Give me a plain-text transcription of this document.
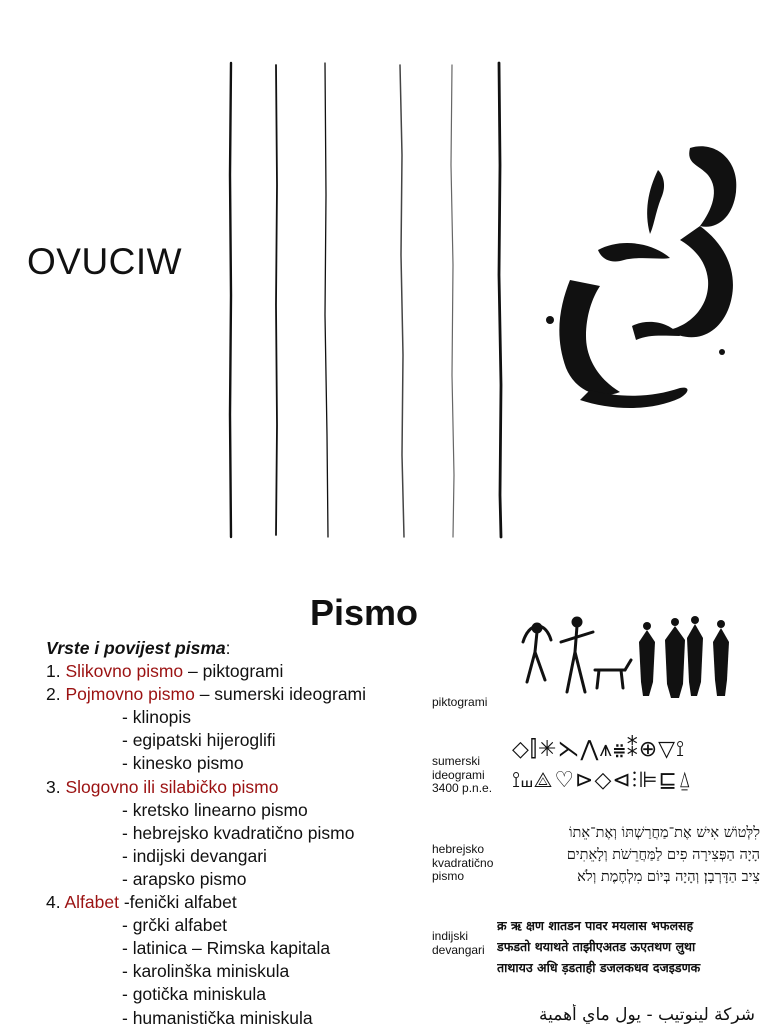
OVUCIW
Pismo
Vrste i povijest pisma:
1. Slikovno pismo – piktogrami
2. Pojmovno pismo – sumerski ideogrami
- klinopis
- egipatski hijeroglifi
- kinesko pismo
3. Slogovno ili silabičko pismo
- kretsko linearno pismo
- hebrejsko kvadratično pismo
- indijski devangari
- arapsko pismo
4. Alfabet -fenički alfabet
- grčki alfabet
- latinica – Rimska kapitala
- karolinška miniskula
- gotička miniskula
- humanistička miniskula
piktogrami
sumerski
ideogrami
3400 p.n.e.
hebrejsko
kvadratično
pismo
indijski
devangari
◇⫿✳⋋⋀⩚⩷⁑⊕▽⟟
⟟⧢⟁♡⊳◇⊲⫶⊫⊑⍙
לִלְּטוֹשׁ אִישׁ אֶת־מַחֲרַשְׁתּוֹ וְאֶת־אֵתוֹ
הָיָה הַפְּצִירָה פִים לַמַּחֲרֵשֹׁת וְלָאֵתִים
צִיב הַדָּרְבָן׃ וְהָיָה בְּיוֹם מִלְחֶמֶת וְלֹא
क्र ऋ क्षण शातडन पावर मयलास भफलसह
डफडतो थयाथते ताझीएअतड ऊएतथण लुथा
ताथायउ अधि ड़डताही डजलकधव दजइडणक
شركة لينوتيب - يول ماي أهمية
